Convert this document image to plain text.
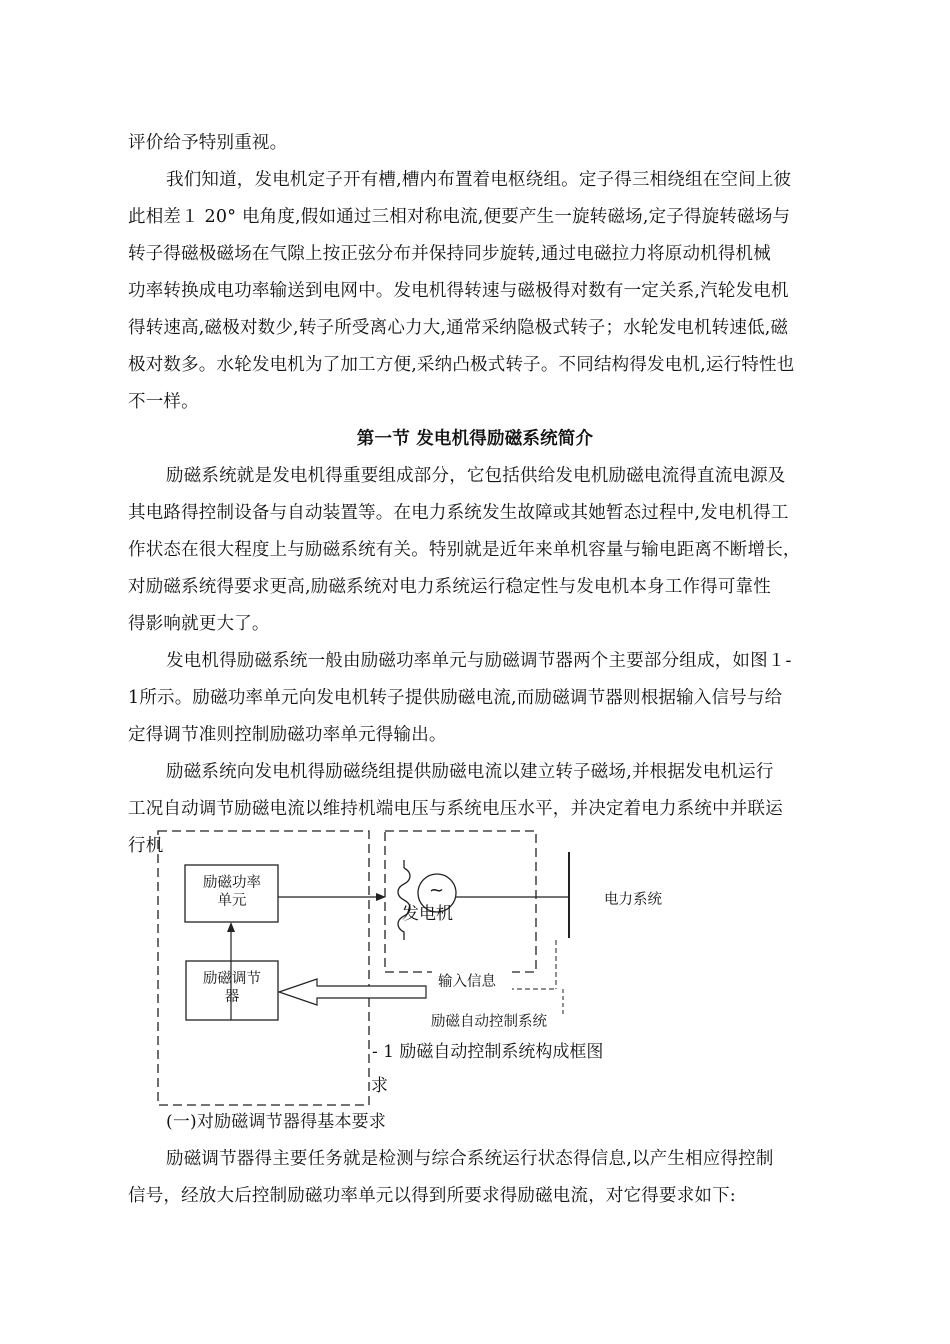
评价给予特别重视。
我们知道，发电机定子开有槽,槽内布置着电枢绕组。定子得三相绕组在空间上彼
此相差１ 20° 电角度,假如通过三相对称电流,便要产生一旋转磁场,定子得旋转磁场与
转子得磁极磁场在气隙上按正弦分布并保持同步旋转,通过电磁拉力将原动机得机械
功率转换成电功率输送到电网中。发电机得转速与磁极得对数有一定关系,汽轮发电机
得转速高,磁极对数少,转子所受离心力大,通常采纳隐极式转子；水轮发电机转速低,磁
极对数多。水轮发电机为了加工方便,采纳凸极式转子。不同结构得发电机,运行特性也
不一样。
第一节 发电机得励磁系统简介
励磁系统就是发电机得重要组成部分，它包括供给发电机励磁电流得直流电源及
其电路得控制设备与自动装置等。在电力系统发生故障或其她暂态过程中,发电机得工
作状态在很大程度上与励磁系统有关。特别就是近年来单机容量与输电距离不断增长，
对励磁系统得要求更高,励磁系统对电力系统运行稳定性与发电机本身工作得可靠性
得影响就更大了。
发电机得励磁系统一般由励磁功率单元与励磁调节器两个主要部分组成，如图１-
1所示。励磁功率单元向发电机转子提供励磁电流,而励磁调节器则根据输入信号与给
定得调节准则控制励磁功率单元得输出。
励磁系统向发电机得励磁绕组提供励磁电流以建立转子磁场,并根据发电机运行
工况自动调节励磁电流以维持机端电压与系统电压水平，并决定着电力系统中并联运
行机
励磁功率
单元
励磁调节
器
~
发电机
电力系统
输入信息
励磁自动控制系统
- 1 励磁自动控制系统构成框图
求
(一)对励磁调节器得基本要求
励磁调节器得主要任务就是检测与综合系统运行状态得信息,以产生相应得控制
信号，经放大后控制励磁功率单元以得到所要求得励磁电流，对它得要求如下:
